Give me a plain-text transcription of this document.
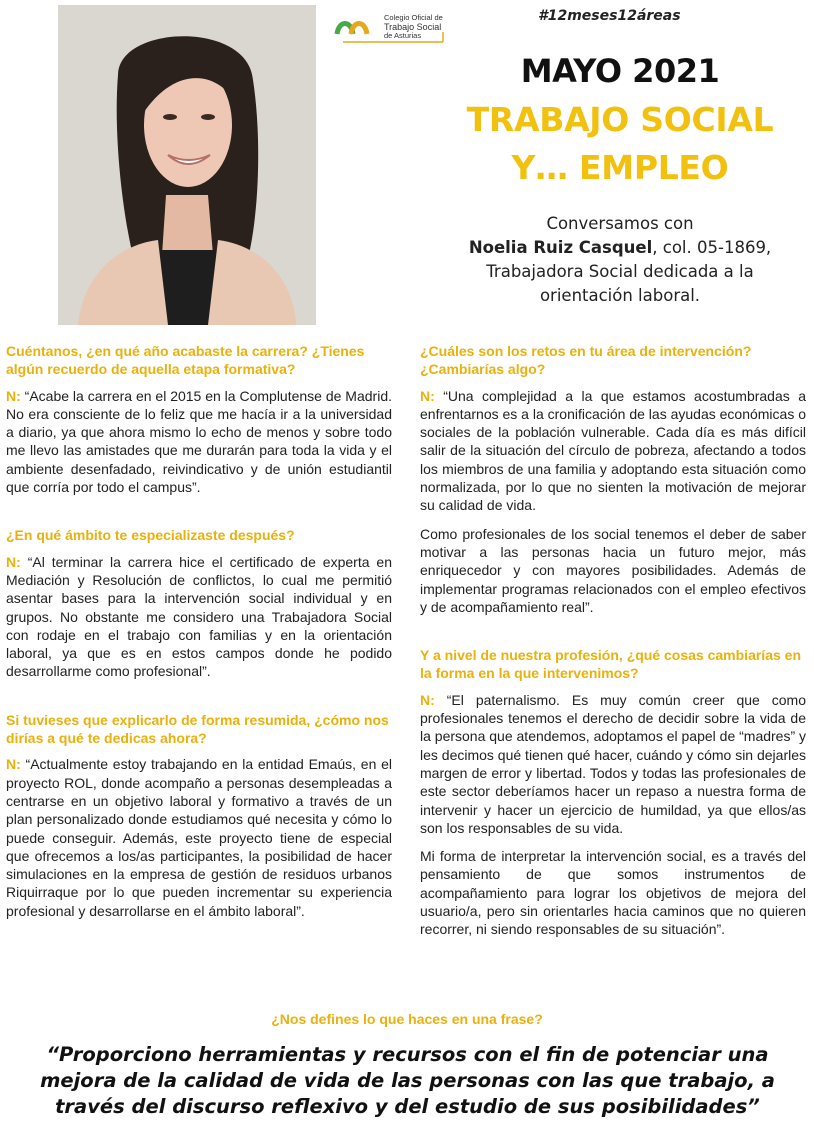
Colegio Oficial de
Trabajo Social
de Asturias
#12meses12áreas
MAYO 2021
TRABAJO SOCIAL
Y… EMPLEO
Conversamos con
Noelia Ruiz Casquel, col. 05-1869, Trabajadora Social dedicada a la orientación laboral.

Cuéntanos, ¿en qué año acabaste la carrera? ¿Tienes algún recuerdo de aquella etapa formativa?

N: “Acabe la carrera en el 2015 en la Complutense de Madrid. No era consciente de lo feliz que me hacía ir a la universidad a diario, ya que ahora mismo lo echo de menos y sobre todo me llevo las amistades que me durarán para toda la vida y el ambiente desenfadado, reivindicativo y de unión estudiantil que corría por todo el campus”.

¿En qué ámbito te especializaste después?

N: “Al terminar la carrera hice el certificado de experta en Mediación y Resolución de conflictos, lo cual me permitió asentar bases para la intervención social individual y en grupos. No obstante me considero una Trabajadora Social con rodaje en el trabajo con familias y en la orientación laboral, ya que es en estos campos donde he podido desarrollarme como profesional”.

Si tuvieses que explicarlo de forma resumida, ¿cómo nos dirías a qué te dedicas ahora?

N: “Actualmente estoy trabajando en la entidad Emaús, en el proyecto ROL, donde acompaño a personas desempleadas a centrarse en un objetivo laboral y formativo a través de un plan personalizado donde estudiamos qué necesita y cómo lo puede conseguir. Además, este proyecto tiene de especial que ofrecemos a los/as participantes, la posibilidad de hacer simulaciones en la empresa de gestión de residuos urbanos Riquirraque por lo que pueden incrementar su experiencia profesional y desarrollarse en el ámbito laboral”.

¿Cuáles son los retos en tu área de intervención? ¿Cambiarías algo?

N: “Una complejidad a la que estamos acostumbradas a enfrentarnos es a la cronificación de las ayudas económicas o sociales de la población vulnerable. Cada día es más difícil salir de la situación del círculo de pobreza, afectando a todos los miembros de una familia y adoptando esta situación como normalizada, por lo que no sienten la motivación de mejorar su calidad de vida.

Como profesionales de los social tenemos el deber de saber motivar a las personas hacia un futuro mejor, más enriquecedor y con mayores posibilidades. Además de implementar programas relacionados con el empleo efectivos y de acompañamiento real”.

Y a nivel de nuestra profesión, ¿qué cosas cambiarías en la forma en la que intervenimos?

N: “El paternalismo. Es muy común creer que como profesionales tenemos el derecho de decidir sobre la vida de la persona que atendemos, adoptamos el papel de “madres” y les decimos qué tienen qué hacer, cuándo y cómo sin dejarles margen de error y libertad. Todos y todas las profesionales de este sector deberíamos hacer un repaso a nuestra forma de intervenir y hacer un ejercicio de humildad, ya que ellos/as son los responsables de su vida.

Mi forma de interpretar la intervención social, es a través del pensamiento de que somos instrumentos de acompañamiento para lograr los objetivos de mejora del usuario/a, pero sin orientarles hacia caminos que no quieren recorrer, ni siendo responsables de su situación”.

¿Nos defines lo que haces en una frase?
“Proporciono herramientas y recursos con el fin de potenciar una mejora de la calidad de vida de las personas con las que trabajo, a través del discurso reflexivo y del estudio de sus posibilidades”
